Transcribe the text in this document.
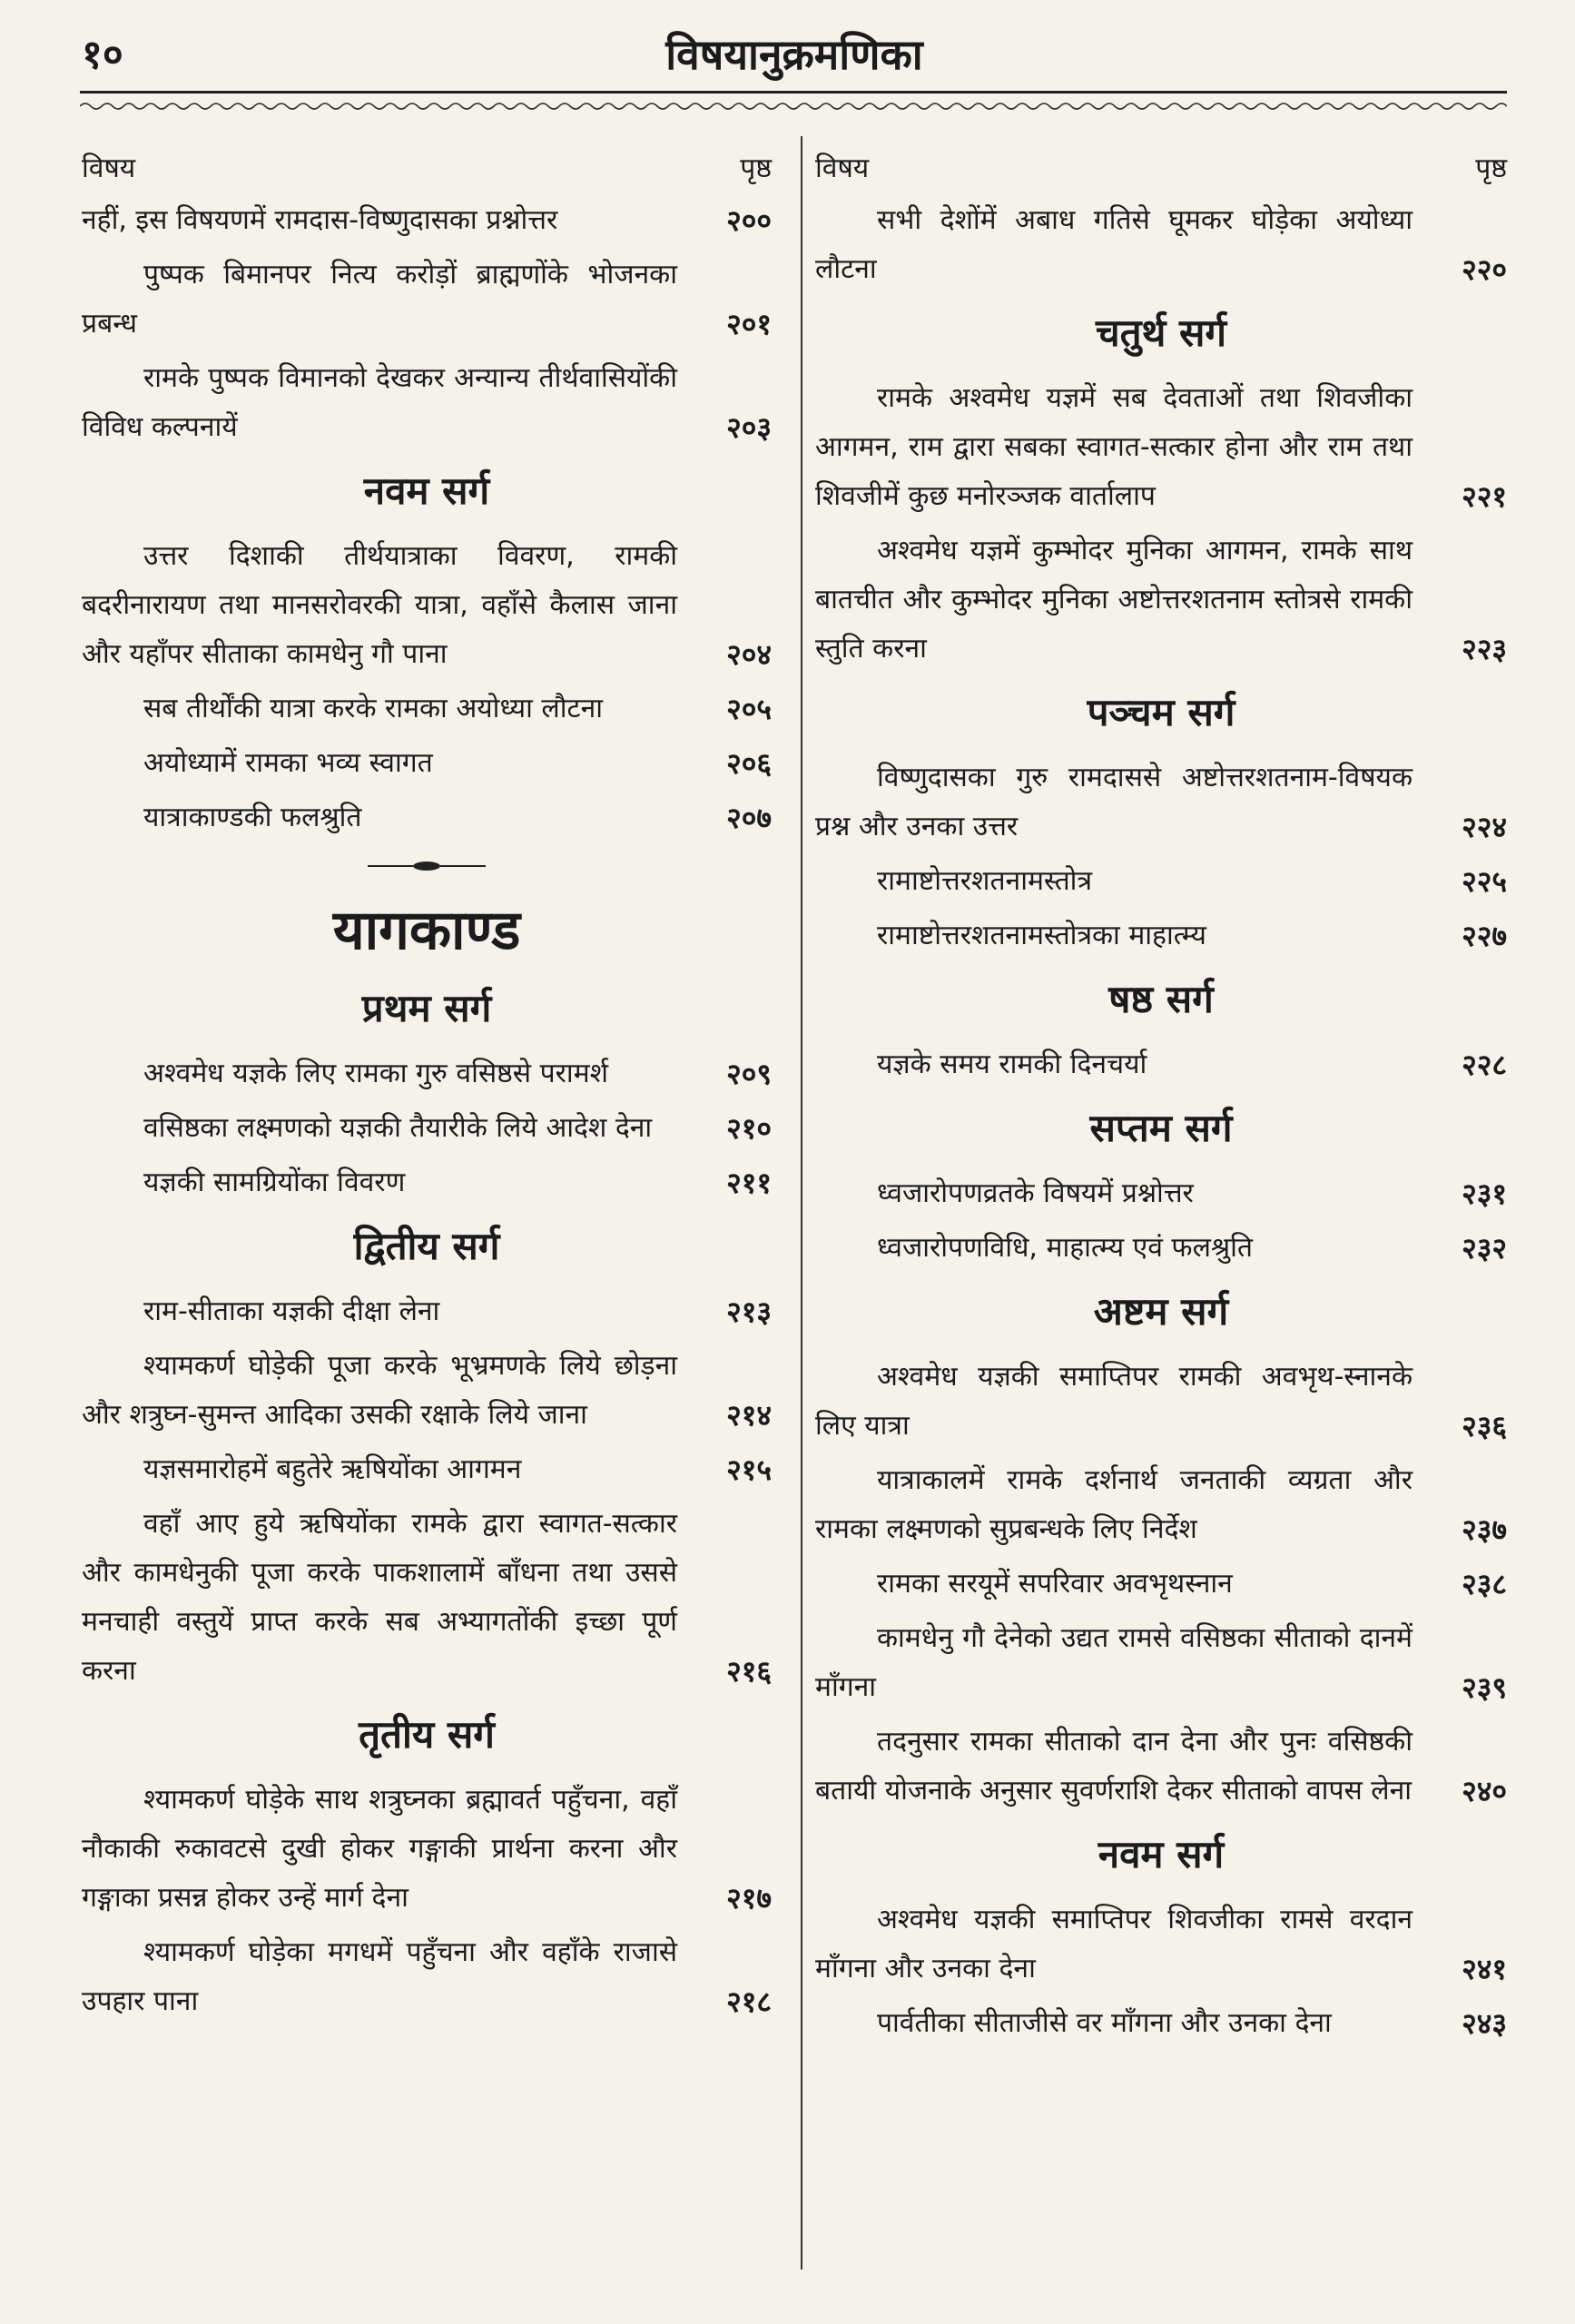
१०	विषयानुक्रमणिका
विषय	पृष्ठ
नहीं, इस विषयणमें रामदास-विष्णुदासका प्रश्नोत्तर	२००
पुष्पक बिमानपर नित्य करोड़ों ब्राह्मणोंके भोजनका प्रबन्ध	२०१
रामके पुष्पक विमानको देखकर अन्यान्य तीर्थवासियोंकी विविध कल्पनायें	२०३
नवम सर्ग
उत्तर दिशाकी तीर्थयात्राका विवरण, रामकी बदरीनारायण तथा मानसरोवरकी यात्रा, वहाँसे कैलास जाना और यहाँपर सीताका कामधेनु गौ पाना	२०४
सब तीर्थोंकी यात्रा करके रामका अयोध्या लौटना	२०५
अयोध्यामें रामका भव्य स्वागत	२०६
यात्राकाण्डकी फलश्रुति	२०७
यागकाण्ड
प्रथम सर्ग
अश्वमेध यज्ञके लिए रामका गुरु वसिष्ठसे परामर्श	२०९
वसिष्ठका लक्ष्मणको यज्ञकी तैयारीके लिये आदेश देना	२१०
यज्ञकी सामग्रियोंका विवरण	२११
द्वितीय सर्ग
राम-सीताका यज्ञकी दीक्षा लेना	२१३
श्यामकर्ण घोड़ेकी पूजा करके भूभ्रमणके लिये छोड़ना और शत्रुघ्न-सुमन्त आदिका उसकी रक्षाके लिये जाना	२१४
यज्ञसमारोहमें बहुतेरे ऋषियोंका आगमन	२१५
वहाँ आए हुये ऋषियोंका रामके द्वारा स्वागत-सत्कार और कामधेनुकी पूजा करके पाकशालामें बाँधना तथा उससे मनचाही वस्तुयें प्राप्त करके सब अभ्यागतोंकी इच्छा पूर्ण करना	२१६
तृतीय सर्ग
श्यामकर्ण घोड़ेके साथ शत्रुघ्नका ब्रह्मावर्त पहुँचना, वहाँ नौकाकी रुकावटसे दुखी होकर गङ्गाकी प्रार्थना करना और गङ्गाका प्रसन्न होकर उन्हें मार्ग देना	२१७
श्यामकर्ण घोड़ेका मगधमें पहुँचना और वहाँके राजासे उपहार पाना	२१८
विषय	पृष्ठ
सभी देशोंमें अबाध गतिसे घूमकर घोड़ेका अयोध्या लौटना	२२०
चतुर्थ सर्ग
रामके अश्वमेध यज्ञमें सब देवताओं तथा शिवजीका आगमन, राम द्वारा सबका स्वागत-सत्कार होना और राम तथा शिवजीमें कुछ मनोरञ्जक वार्तालाप	२२१
अश्वमेध यज्ञमें कुम्भोदर मुनिका आगमन, रामके साथ बातचीत और कुम्भोदर मुनिका अष्टोत्तरशतनाम स्तोत्रसे रामकी स्तुति करना	२२३
पञ्चम सर्ग
विष्णुदासका गुरु रामदाससे अष्टोत्तरशतनाम-विषयक प्रश्न और उनका उत्तर	२२४
रामाष्टोत्तरशतनामस्तोत्र	२२५
रामाष्टोत्तरशतनामस्तोत्रका माहात्म्य	२२७
षष्ठ सर्ग
यज्ञके समय रामकी दिनचर्या	२२८
सप्तम सर्ग
ध्वजारोपणव्रतके विषयमें प्रश्नोत्तर	२३१
ध्वजारोपणविधि, माहात्म्य एवं फलश्रुति	२३२
अष्टम सर्ग
अश्वमेध यज्ञकी समाप्तिपर रामकी अवभृथ-स्नानके लिए यात्रा	२३६
यात्राकालमें रामके दर्शनार्थ जनताकी व्यग्रता और रामका लक्ष्मणको सुप्रबन्धके लिए निर्देश	२३७
रामका सरयूमें सपरिवार अवभृथस्नान	२३८
कामधेनु गौ देनेको उद्यत रामसे वसिष्ठका सीताको दानमें माँगना	२३९
तदनुसार रामका सीताको दान देना और पुनः वसिष्ठकी बतायी योजनाके अनुसार सुवर्णराशि देकर सीताको वापस लेना	२४०
नवम सर्ग
अश्वमेध यज्ञकी समाप्तिपर शिवजीका रामसे वरदान माँगना और उनका देना	२४१
पार्वतीका सीताजीसे वर माँगना और उनका देना	२४३
